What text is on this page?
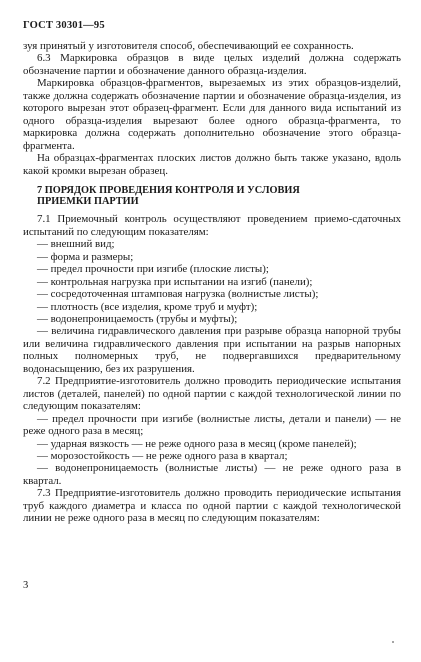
ГОСТ 30301—95

зуя принятый у изготовителя способ, обеспечивающий ее сохранность.

6.3 Маркировка образцов в виде целых изделий должна содержать обозначение партии и обозначение данного образца-изделия.

Маркировка образцов-фрагментов, вырезаемых из этих образцов-изделий, также должна содержать обозначение партии и обозначение образца-изделия, из которого вырезан этот образец-фрагмент. Если для данного вида испытаний из одного образца-изделия вырезают более одного образца-фрагмента, то маркировка должна содержать дополнительно обозначение этого образца-фрагмента.

На образцах-фрагментах плоских листов должно быть также указано, вдоль какой кромки вырезан образец.

7 ПОРЯДОК ПРОВЕДЕНИЯ КОНТРОЛЯ И УСЛОВИЯ
ПРИЕМКИ ПАРТИИ

7.1 Приемочный контроль осуществляют проведением приемо-сдаточных испытаний по следующим показателям:

— внешний вид;

— форма и размеры;

— предел прочности при изгибе (плоские листы);

— контрольная нагрузка при испытании на изгиб (панели);

— сосредоточенная штамповая нагрузка (волнистые листы);

— плотность (все изделия, кроме труб и муфт);

— водонепроницаемость (трубы и муфты);

— величина гидравлического давления при разрыве образца напорной трубы или величина гидравлического давления при испытании на разрыв напорных полных полномерных труб, не подвергавшихся предварительному водонасыщению, без их разрушения.

7.2 Предприятие-изготовитель должно проводить периодические испытания листов (деталей, панелей) по одной партии с каждой технологической линии по следующим показателям:

— предел прочности при изгибе (волнистые листы, детали и панели) — не реже одного раза в месяц;

— ударная вязкость — не реже одного раза в месяц (кроме панелей);

— морозостойкость — не реже одного раза в квартал;

— водонепроницаемость (волнистые листы) — не реже одного раза в квартал.

7.3 Предприятие-изготовитель должно проводить периодические испытания труб каждого диаметра и класса по одной партии с каждой технологической линии не реже одного раза в месяц по следующим показателям:

3
